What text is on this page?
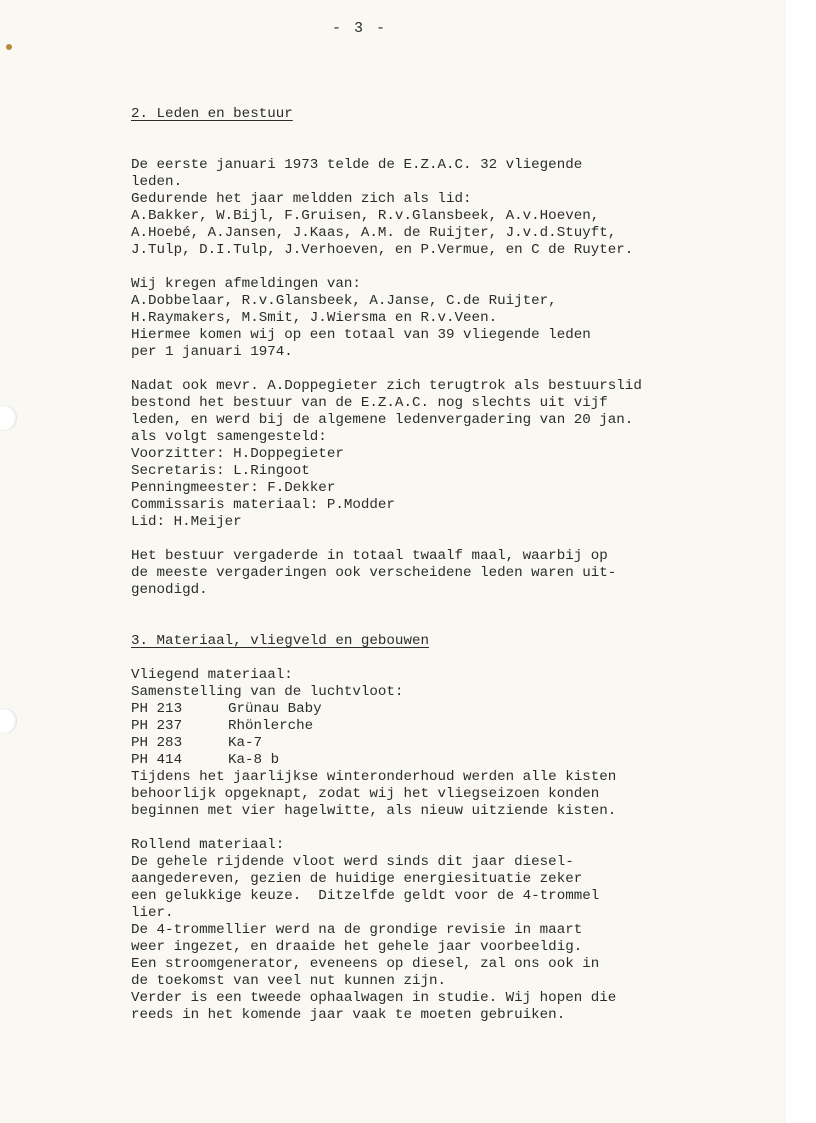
- 3 -
2. Leden en bestuur
De eerste januari 1973 telde de E.Z.A.C. 32 vliegende
leden.
Gedurende het jaar meldden zich als lid:
A.Bakker, W.Bijl, F.Gruisen, R.v.Glansbeek, A.v.Hoeven,
A.Hoebé, A.Jansen, J.Kaas, A.M. de Ruijter, J.v.d.Stuyft,
J.Tulp, D.I.Tulp, J.Verhoeven, en P.Vermue, en C de Ruyter.
Wij kregen afmeldingen van:
A.Dobbelaar, R.v.Glansbeek, A.Janse, C.de Ruijter,
H.Raymakers, M.Smit, J.Wiersma en R.v.Veen.
Hiermee komen wij op een totaal van 39 vliegende leden
per 1 januari 1974.
Nadat ook mevr. A.Doppegieter zich terugtrok als bestuurslid
bestond het bestuur van de E.Z.A.C. nog slechts uit vijf
leden, en werd bij de algemene ledenvergadering van 20 jan.
als volgt samengesteld:
Voorzitter: H.Doppegieter
Secretaris: L.Ringoot
Penningmeester: F.Dekker
Commissaris materiaal: P.Modder
Lid: H.Meijer
Het bestuur vergaderde in totaal twaalf maal, waarbij op
de meeste vergaderingen ook verscheidene leden waren uit-
genodigd.
3. Materiaal, vliegveld en gebouwen
Vliegend materiaal:
Samenstelling van de luchtvloot:
PH 213	Grünau Baby
PH 237	Rhönlerche
PH 283	Ka-7
PH 414	Ka-8 b
Tijdens het jaarlijkse winteronderhoud werden alle kisten
behoorlijk opgeknapt, zodat wij het vliegseizoen konden
beginnen met vier hagelwitte, als nieuw uitziende kisten.
Rollend materiaal:
De gehele rijdende vloot werd sinds dit jaar diesel-
aangedereven, gezien de huidige energiesituatie zeker
een gelukkige keuze.  Ditzelfde geldt voor de 4-trommel
lier.
De 4-trommellier werd na de grondige revisie in maart
weer ingezet, en draaide het gehele jaar voorbeeldig.
Een stroomgenerator, eveneens op diesel, zal ons ook in
de toekomst van veel nut kunnen zijn.
Verder is een tweede ophaalwagen in studie. Wij hopen die
reeds in het komende jaar vaak te moeten gebruiken.
